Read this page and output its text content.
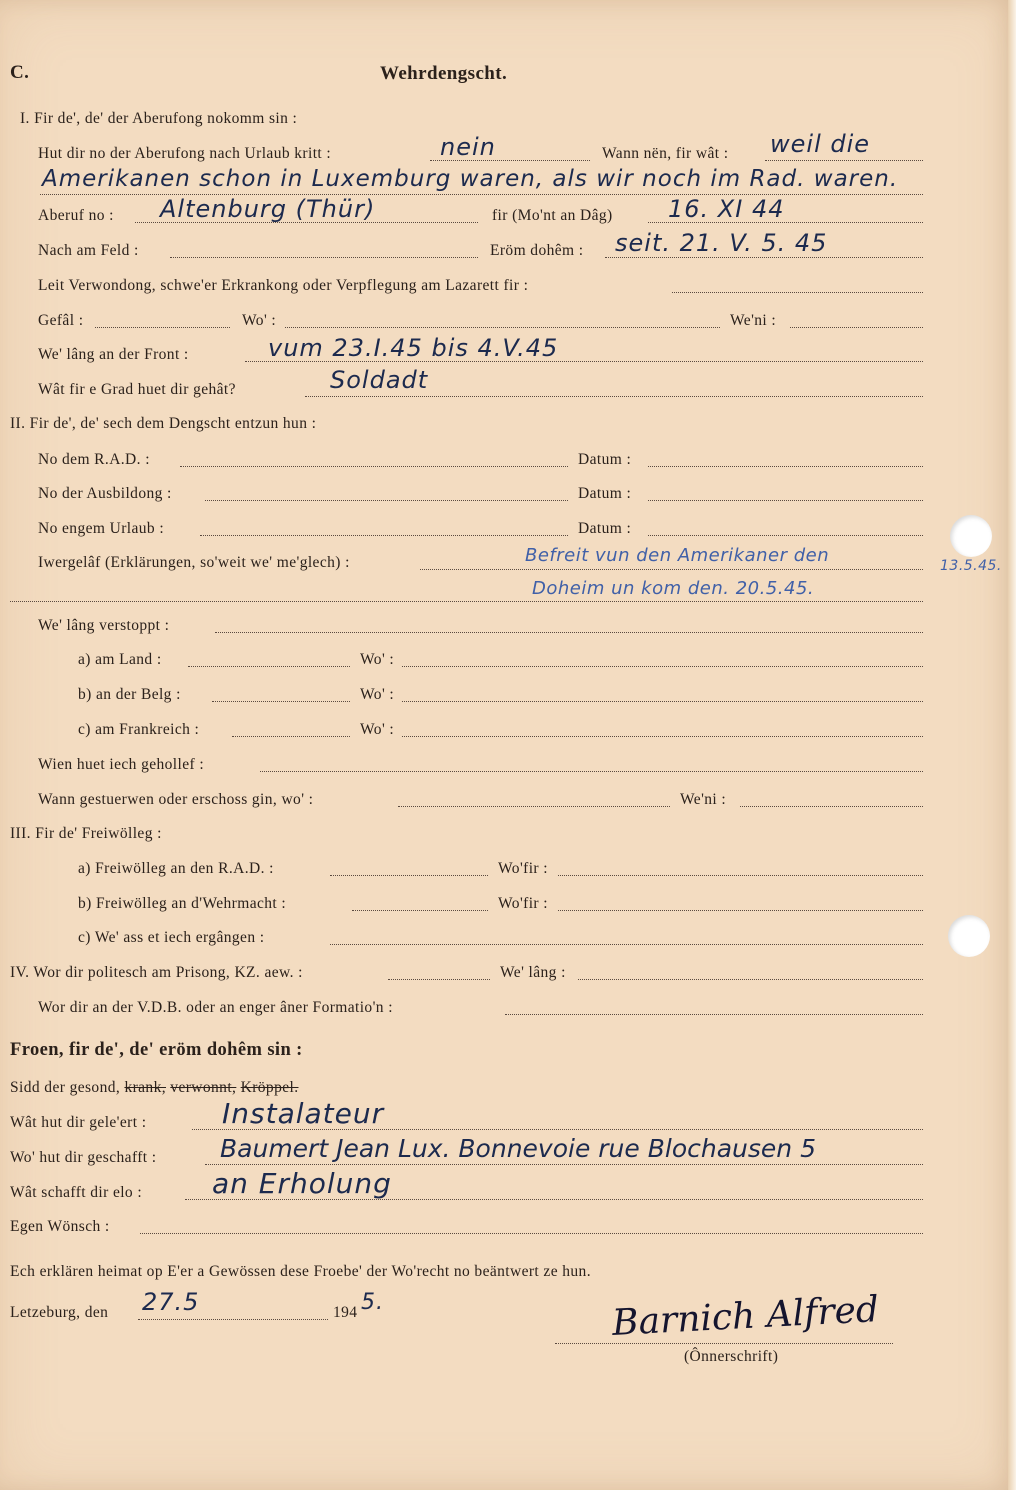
C.	Wehrdengscht.
I. Fir de', de' der Aberufong nokomm sin :
Hut dir no der Aberufong nach Urlaub kritt :	nein	Wann nën, fir wât : weil die
Amerikanen schon in Luxemburg waren, als wir noch im Rad. waren.
Aberuf no : Altenburg (Thür)	fir (Mo'nt an Dâg) 16. XI 44
Nach am Feld :	Eröm dohêm : seit. 21. V. 5. 45
Leit Verwondong, schwe'er Erkrankong oder Verpflegung am Lazarett fir :
Gefâl :	Wo' :	We'ni :
We' lâng an der Front :	vum 23.I.45 bis 4.V.45
Wât fir e Grad huet dir gehât?	Soldadt
II. Fir de', de' sech dem Dengscht entzun hun :
No dem R.A.D. :	Datum :
No der Ausbildong :	Datum :
No engem Urlaub :	Datum :
Iwergelâf (Erklärungen, so'weit we' me'glech) :	Befreit vun den Amerikaner den	13.5.45.
Doheim un kom den. 20.5.45.
We' lâng verstoppt :
a) am Land :	Wo' :
b) an der Belg :	Wo' :
c) am Frankreich :	Wo' :
Wien huet iech gehollef :
Wann gestuerwen oder erschoss gin, wo' :	We'ni :
III. Fir de' Freiwölleg :
a) Freiwölleg an den R.A.D. :	Wo'fir :
b) Freiwölleg an d'Wehrmacht :	Wo'fir :
c) We' ass et iech ergângen :
IV. Wor dir politesch am Prisong, KZ. aew. :	We' lâng :
Wor dir an der V.D.B. oder an enger âner Formatio'n :
Froen, fir de', de' eröm dohêm sin :
Sidd der gesond, krank, verwonnt, Kröppel.
Wât hut dir gele'ert :	Instalateur
Wo' hut dir geschafft :	Baumert Jean Lux. Bonnevoie rue Blochausen 5
Wât schafft dir elo : an Erholung
Egen Wönsch :
Ech erklären heimat op E'er a Gewössen dese Froebe' der Wo'recht no beäntwert ze hun.
Letzeburg, den 27.5	194 5.	Barnich Alfred
(Ônnerschrift)
